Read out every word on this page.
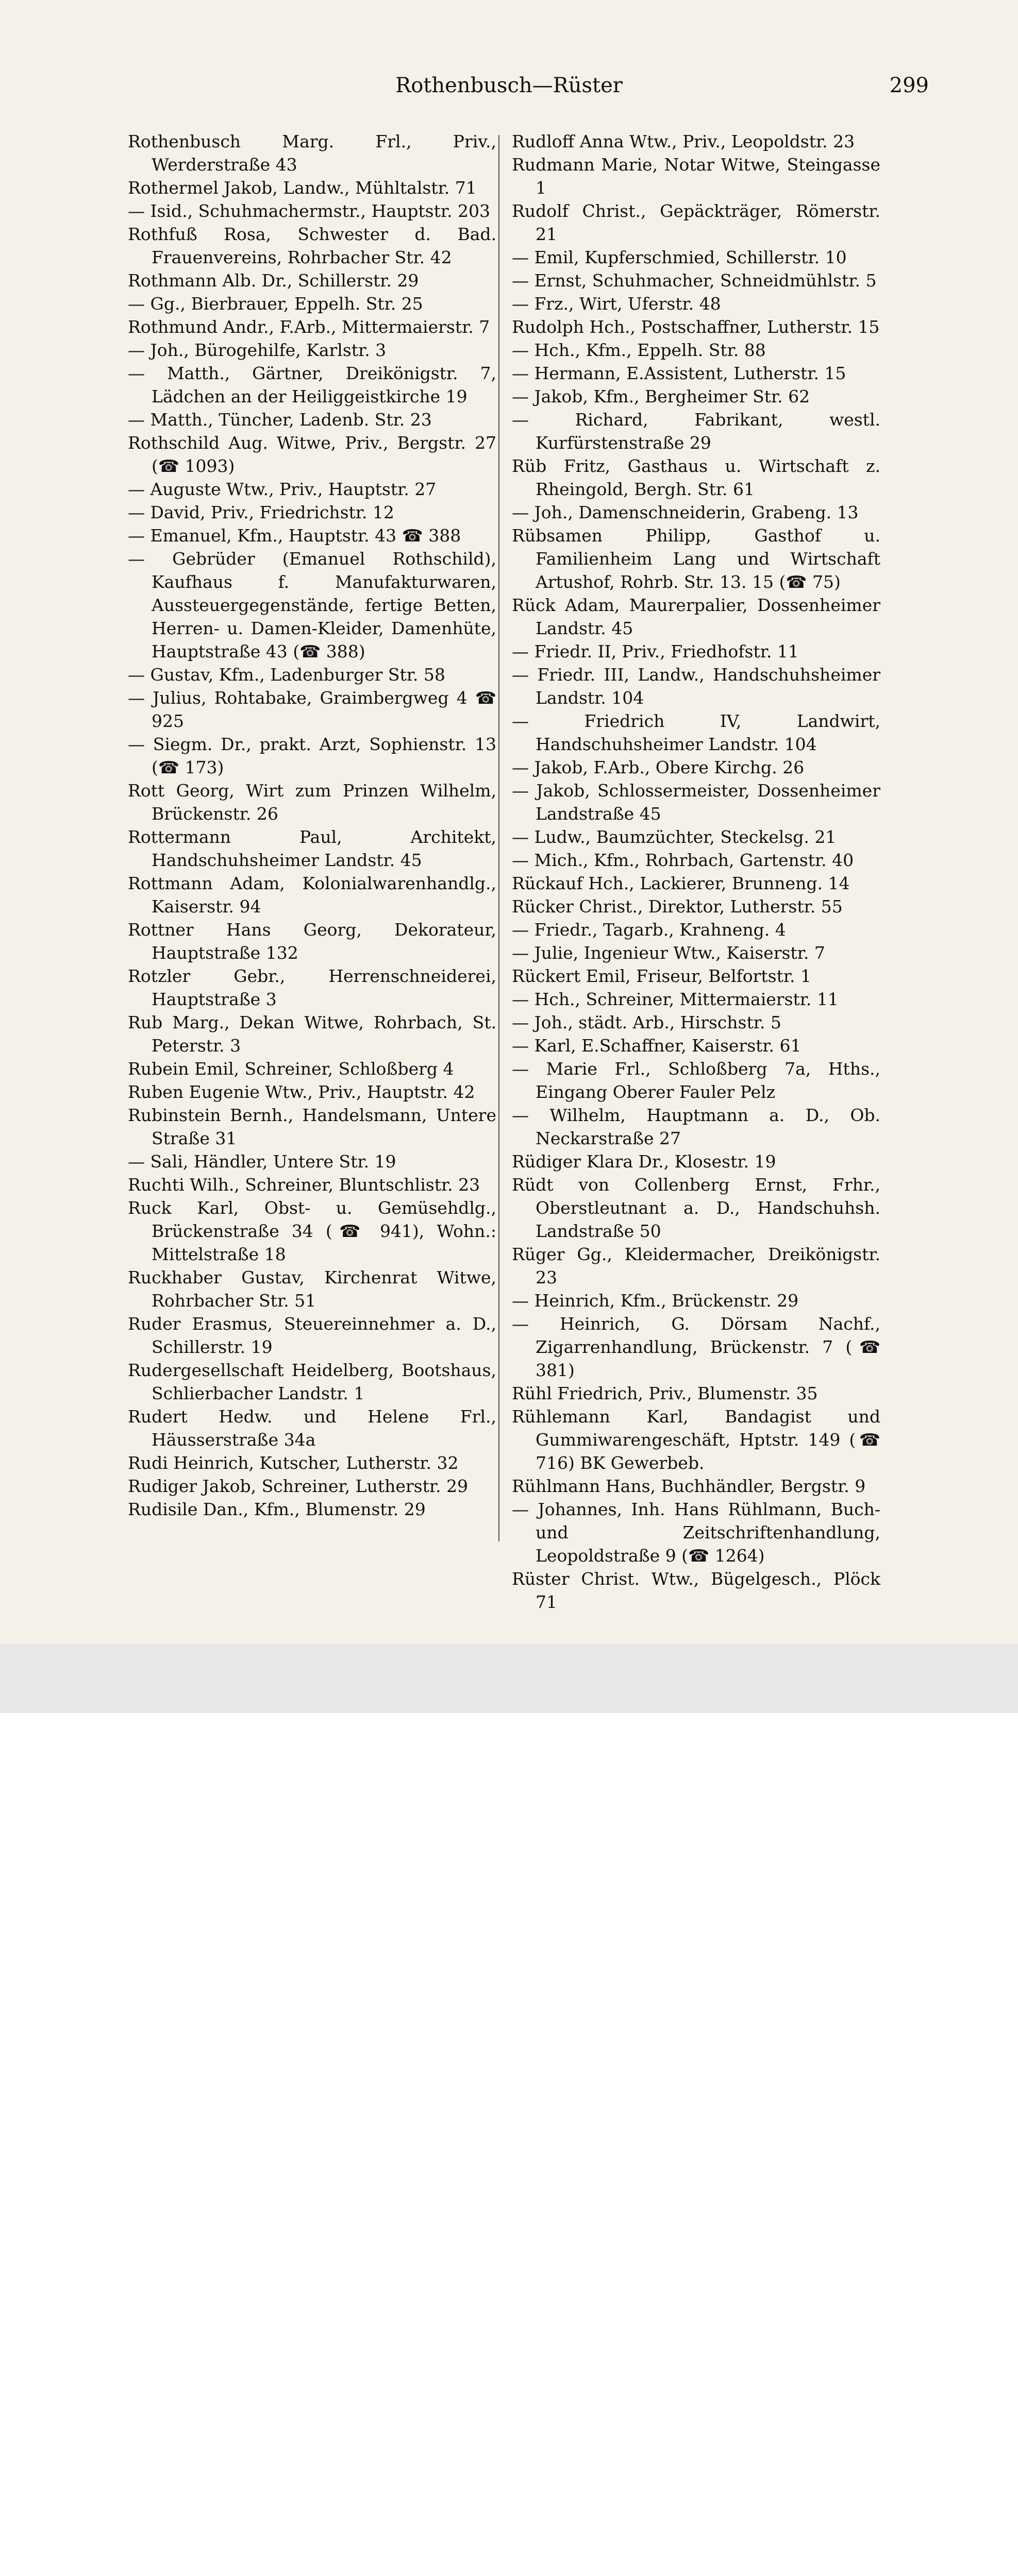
Rothenbusch—Rüster	299

Rothenbusch Marg. Frl., Priv., Werderstraße 43

Rothermel Jakob, Landw., Mühltalstr. 71

— Isid., Schuhmachermstr., Hauptstr. 203

Rothfuß Rosa, Schwester d. Bad. Frauenvereins, Rohrbacher Str. 42

Rothmann Alb. Dr., Schillerstr. 29

— Gg., Bierbrauer, Eppelh. Str. 25

Rothmund Andr., F.Arb., Mittermaierstr. 7

— Joh., Bürogehilfe, Karlstr. 3

— Matth., Gärtner, Dreikönigstr. 7, Lädchen an der Heiliggeistkirche 19

— Matth., Tüncher, Ladenb. Str. 23

Rothschild Aug. Witwe, Priv., Bergstr. 27 (☎ 1093)

— Auguste Wtw., Priv., Hauptstr. 27

— David, Priv., Friedrichstr. 12

— Emanuel, Kfm., Hauptstr. 43 ☎ 388

— Gebrüder (Emanuel Rothschild), Kaufhaus f. Manufakturwaren, Aussteuergegenstände, fertige Betten, Herren- u. Damen-Kleider, Damenhüte, Hauptstraße 43 (☎ 388)

— Gustav, Kfm., Ladenburger Str. 58

— Julius, Rohtabake, Graimbergweg 4 ☎ 925

— Siegm. Dr., prakt. Arzt, Sophienstr. 13 (☎ 173)

Rott Georg, Wirt zum Prinzen Wilhelm, Brückenstr. 26

Rottermann Paul, Architekt, Handschuhsheimer Landstr. 45

Rottmann Adam, Kolonialwarenhandlg., Kaiserstr. 94

Rottner Hans Georg, Dekorateur, Hauptstraße 132

Rotzler Gebr., Herrenschneiderei, Hauptstraße 3

Rub Marg., Dekan Witwe, Rohrbach, St. Peterstr. 3

Rubein Emil, Schreiner, Schloßberg 4

Ruben Eugenie Wtw., Priv., Hauptstr. 42

Rubinstein Bernh., Handelsmann, Untere Straße 31

— Sali, Händler, Untere Str. 19

Ruchti Wilh., Schreiner, Bluntschlistr. 23

Ruck Karl, Obst- u. Gemüsehdlg., Brückenstraße 34 (☎ 941), Wohn.: Mittelstraße 18

Ruckhaber Gustav, Kirchenrat Witwe, Rohrbacher Str. 51

Ruder Erasmus, Steuereinnehmer a. D., Schillerstr. 19

Rudergesellschaft Heidelberg, Bootshaus, Schlierbacher Landstr. 1

Rudert Hedw. und Helene Frl., Häusserstraße 34a

Rudi Heinrich, Kutscher, Lutherstr. 32

Rudiger Jakob, Schreiner, Lutherstr. 29

Rudisile Dan., Kfm., Blumenstr. 29

Rudloff Anna Wtw., Priv., Leopoldstr. 23

Rudmann Marie, Notar Witwe, Steingasse 1

Rudolf Christ., Gepäckträger, Römerstr. 21

— Emil, Kupferschmied, Schillerstr. 10

— Ernst, Schuhmacher, Schneidmühlstr. 5

— Frz., Wirt, Uferstr. 48

Rudolph Hch., Postschaffner, Lutherstr. 15

— Hch., Kfm., Eppelh. Str. 88

— Hermann, E.Assistent, Lutherstr. 15

— Jakob, Kfm., Bergheimer Str. 62

— Richard, Fabrikant, westl. Kurfürstenstraße 29

Rüb Fritz, Gasthaus u. Wirtschaft z. Rheingold, Bergh. Str. 61

— Joh., Damenschneiderin, Grabeng. 13

Rübsamen Philipp, Gasthof u. Familienheim Lang und Wirtschaft Artushof, Rohrb. Str. 13. 15 (☎ 75)

Rück Adam, Maurerpalier, Dossenheimer Landstr. 45

— Friedr. II, Priv., Friedhofstr. 11

— Friedr. III, Landw., Handschuhsheimer Landstr. 104

— Friedrich IV, Landwirt, Handschuhsheimer Landstr. 104

— Jakob, F.Arb., Obere Kirchg. 26

— Jakob, Schlossermeister, Dossenheimer Landstraße 45

— Ludw., Baumzüchter, Steckelsg. 21

— Mich., Kfm., Rohrbach, Gartenstr. 40

Rückauf Hch., Lackierer, Brunneng. 14

Rücker Christ., Direktor, Lutherstr. 55

— Friedr., Tagarb., Krahneng. 4

— Julie, Ingenieur Wtw., Kaiserstr. 7

Rückert Emil, Friseur, Belfortstr. 1

— Hch., Schreiner, Mittermaierstr. 11

— Joh., städt. Arb., Hirschstr. 5

— Karl, E.Schaffner, Kaiserstr. 61

— Marie Frl., Schloßberg 7a, Hths., Eingang Oberer Fauler Pelz

— Wilhelm, Hauptmann a. D., Ob. Neckarstraße 27

Rüdiger Klara Dr., Klosestr. 19

Rüdt von Collenberg Ernst, Frhr., Oberstleutnant a. D., Handschuhsh. Landstraße 50

Rüger Gg., Kleidermacher, Dreikönigstr. 23

— Heinrich, Kfm., Brückenstr. 29

— Heinrich, G. Dörsam Nachf., Zigarrenhandlung, Brückenstr. 7 (☎ 381)

Rühl Friedrich, Priv., Blumenstr. 35

Rühlemann Karl, Bandagist und Gummiwarengeschäft, Hptstr. 149 (☎ 716) BK Gewerbeb.

Rühlmann Hans, Buchhändler, Bergstr. 9

— Johannes, Inh. Hans Rühlmann, Buch- und Zeitschriftenhandlung, Leopoldstraße 9 (☎ 1264)

Rüster Christ. Wtw., Bügelgesch., Plöck 71
